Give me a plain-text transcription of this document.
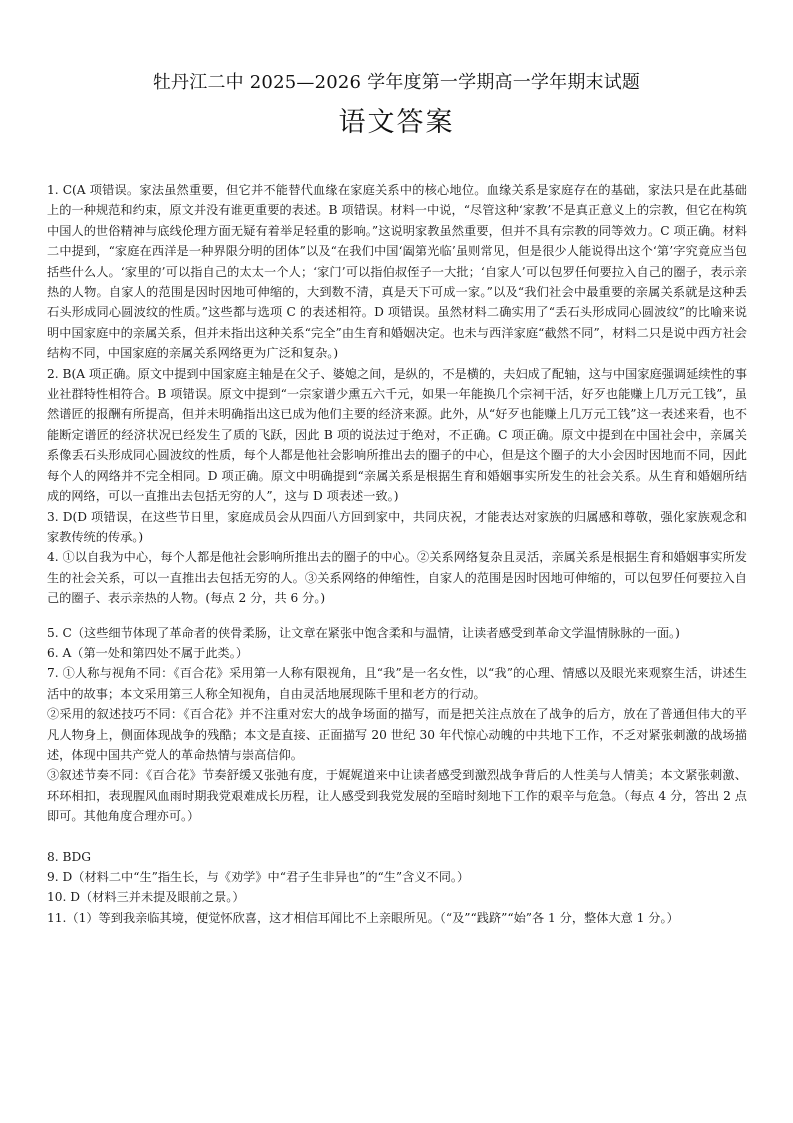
牡丹江二中 2025—2026 学年度第一学期高一学年期末试题
语文答案

1. C(A 项错误。家法虽然重要，但它并不能替代血缘在家庭关系中的核心地位。血缘关系是家庭存在的基础，家法只是在此基础上的一种规范和约束，原文并没有谁更重要的表述。B 项错误。材料一中说，“尽管这种‘家教’不是真正意义上的宗教，但它在构筑中国人的世俗精神与底线伦理方面无疑有着举足轻重的影响。”这说明家教虽然重要，但并不具有宗教的同等效力。C 项正确。材料二中提到，“家庭在西洋是一种界限分明的团体”以及“在我们中国‘阖第光临’虽则常见，但是很少人能说得出这个‘第’字究竟应当包括些什么人。‘家里的’可以指自己的太太一个人；‘家门’可以指伯叔侄子一大批；‘自家人’可以包罗任何要拉入自己的圈子，表示亲热的人物。自家人的范围是因时因地可伸缩的，大到数不清，真是天下可成一家。”以及“我们社会中最重要的亲属关系就是这种丢石头形成同心圆波纹的性质。”这些都与选项 C 的表述相符。D 项错误。虽然材料二确实用了“丢石头形成同心圆波纹”的比喻来说明中国家庭中的亲属关系，但并未指出这种关系“完全”由生育和婚姻决定。也未与西洋家庭“截然不同”，材料二只是说中西方社会结构不同，中国家庭的亲属关系网络更为广泛和复杂。)

2. B(A 项正确。原文中提到中国家庭主轴是在父子、婆媳之间，是纵的，不是横的，夫妇成了配轴，这与中国家庭强调延续性的事业社群特性相符合。B 项错误。原文中提到“一宗家谱少熏五六千元，如果一年能换几个宗祠干活，好歹也能赚上几万元工钱”，虽然谱匠的报酬有所提高，但并未明确指出这已成为他们主要的经济来源。此外，从“好歹也能赚上几万元工钱”这一表述来看，也不能断定谱匠的经济状况已经发生了质的飞跃，因此 B 项的说法过于绝对，不正确。C 项正确。原文中提到在中国社会中，亲属关系像丢石头形成同心圆波纹的性质，每个人都是他社会影响所推出去的圈子的中心，但是这个圈子的大小会因时因地而不同，因此每个人的网络并不完全相同。D 项正确。原文中明确提到“亲属关系是根据生育和婚姻事实所发生的社会关系。从生育和婚姻所结成的网络，可以一直推出去包括无穷的人”，这与 D 项表述一致。)

3. D(D 项错误，在这些节日里，家庭成员会从四面八方回到家中，共同庆祝，才能表达对家族的归属感和尊敬，强化家族观念和家教传统的传承。)

4. ①以自我为中心，每个人都是他社会影响所推出去的圈子的中心。②关系网络复杂且灵活，亲属关系是根据生育和婚姻事实所发生的社会关系，可以一直推出去包括无穷的人。③关系网络的伸缩性，自家人的范围是因时因地可伸缩的，可以包罗任何要拉入自己的圈子、表示亲热的人物。(每点 2 分，共 6 分。)

5. C（这些细节体现了革命者的侠骨柔肠，让文章在紧张中饱含柔和与温情，让读者感受到革命文学温情脉脉的一面。)

6. A（第一处和第四处不属于此类。）

7. ①人称与视角不同：《百合花》采用第一人称有限视角，且“我”是一名女性，以“我”的心理、情感以及眼光来观察生活，讲述生活中的故事；本文采用第三人称全知视角，自由灵活地展现陈千里和老方的行动。

②采用的叙述技巧不同：《百合花》并不注重对宏大的战争场面的描写，而是把关注点放在了战争的后方，放在了普通但伟大的平凡人物身上，侧面体现战争的残酷；本文是直接、正面描写 20 世纪 30 年代惊心动魄的中共地下工作，不乏对紧张刺激的战场描述，体现中国共产党人的革命热情与崇高信仰。

③叙述节奏不同：《百合花》节奏舒缓又张弛有度，于娓娓道来中让读者感受到激烈战争背后的人性美与人情美；本文紧张刺激、环环相扣，表现腥风血雨时期我党艰难成长历程，让人感受到我党发展的至暗时刻地下工作的艰辛与危急。（每点 4 分，答出 2 点即可。其他角度合理亦可。）

8. BDG

9. D（材料二中“生”指生长，与《劝学》中“君子生非异也”的“生”含义不同。）

10. D（材料三并未提及眼前之景。）

11.（1）等到我亲临其境，便觉怀欣喜，这才相信耳闻比不上亲眼所见。（“及”“践跻”“始”各 1 分，整体大意 1 分。）
